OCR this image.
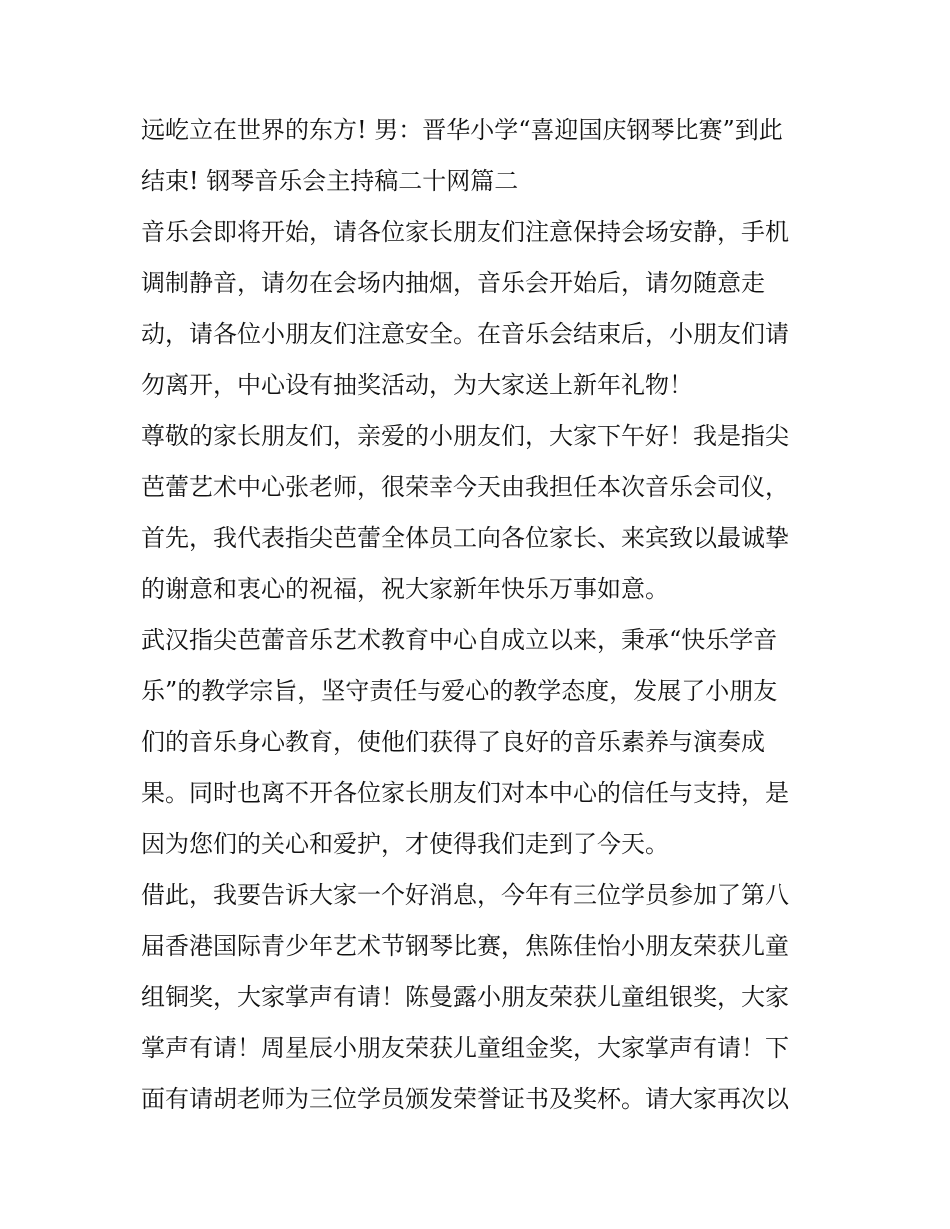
远屹立在世界的东方! 男：晋华小学“喜迎国庆钢琴比赛”到此
结束! 钢琴音乐会主持稿二十网篇二
音乐会即将开始，请各位家长朋友们注意保持会场安静，手机
调制静音，请勿在会场内抽烟，音乐会开始后，请勿随意走
动，请各位小朋友们注意安全。在音乐会结束后，小朋友们请
勿离开，中心设有抽奖活动，为大家送上新年礼物！
尊敬的家长朋友们，亲爱的小朋友们，大家下午好！我是指尖
芭蕾艺术中心张老师，很荣幸今天由我担任本次音乐会司仪，
首先，我代表指尖芭蕾全体员工向各位家长、来宾致以最诚挚
的谢意和衷心的祝福，祝大家新年快乐万事如意。
武汉指尖芭蕾音乐艺术教育中心自成立以来，秉承“快乐学音
乐”的教学宗旨，坚守责任与爱心的教学态度，发展了小朋友
们的音乐身心教育，使他们获得了良好的音乐素养与演奏成
果。同时也离不开各位家长朋友们对本中心的信任与支持，是
因为您们的关心和爱护，才使得我们走到了今天。
借此，我要告诉大家一个好消息，今年有三位学员参加了第八
届香港国际青少年艺术节钢琴比赛，焦陈佳怡小朋友荣获儿童
组铜奖，大家掌声有请！陈曼露小朋友荣获儿童组银奖，大家
掌声有请！周星辰小朋友荣获儿童组金奖，大家掌声有请！下
面有请胡老师为三位学员颁发荣誉证书及奖杯。请大家再次以
